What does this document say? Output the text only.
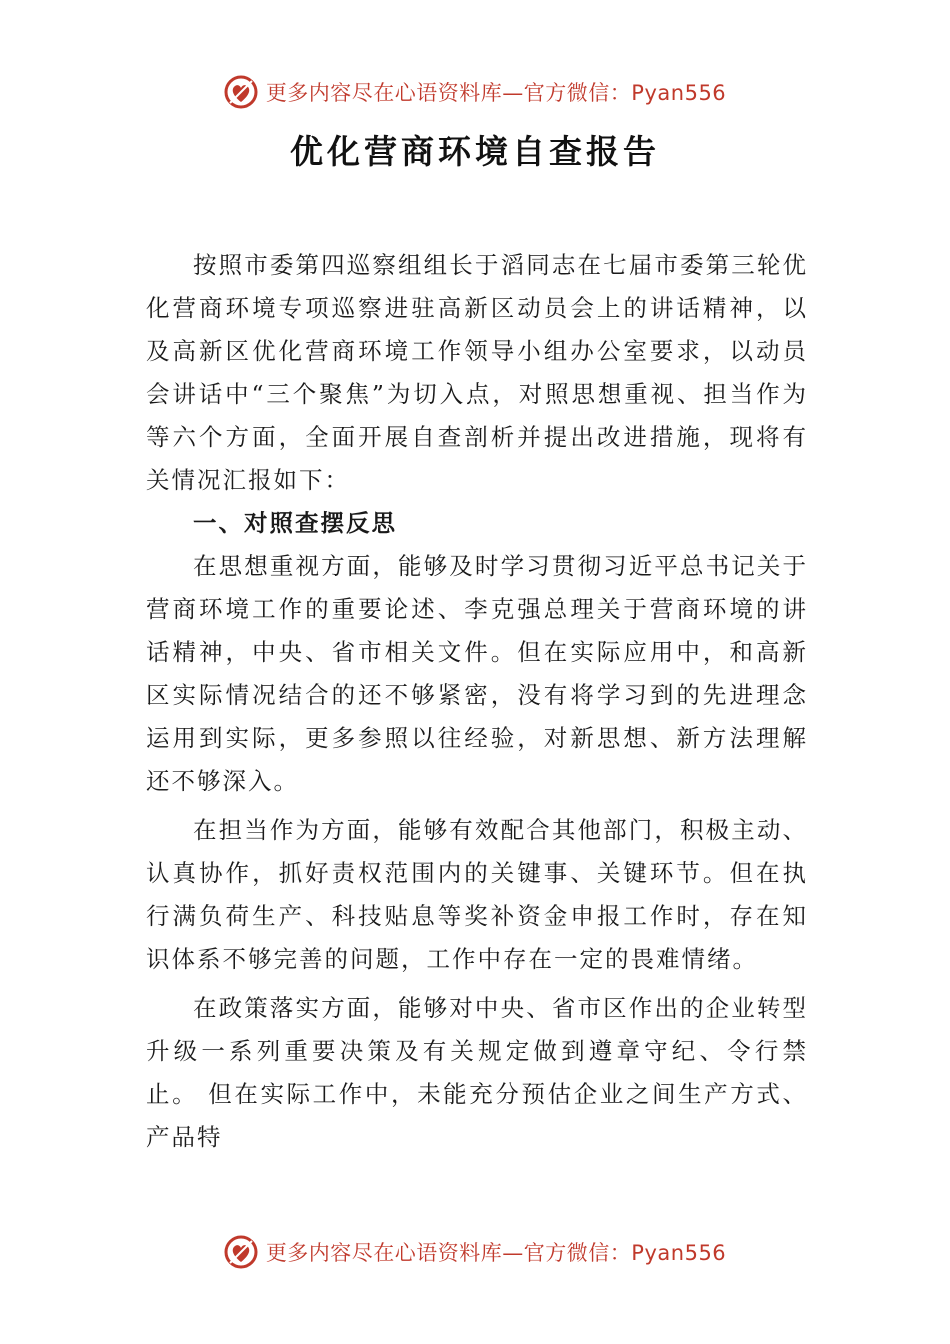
更多内容尽在心语资料库—官方微信：Pyan556
优化营商环境自查报告

按照市委第四巡察组组长于滔同志在七届市委第三轮优化营商环境专项巡察进驻高新区动员会上的讲话精神，以及高新区优化营商环境工作领导小组办公室要求，以动员会讲话中“三个聚焦”为切入点，对照思想重视、担当作为等六个方面，全面开展自查剖析并提出改进措施，现将有关情况汇报如下：

一、对照查摆反思

在思想重视方面，能够及时学习贯彻习近平总书记关于营商环境工作的重要论述、李克强总理关于营商环境的讲话精神，中央、省市相关文件。但在实际应用中，和高新区实际情况结合的还不够紧密，没有将学习到的先进理念运用到实际，更多参照以往经验，对新思想、新方法理解还不够深入。

在担当作为方面，能够有效配合其他部门，积极主动、认真协作，抓好责权范围内的关键事、关键环节。但在执行满负荷生产、科技贴息等奖补资金申报工作时，存在知识体系不够完善的问题，工作中存在一定的畏难情绪。

在政策落实方面，能够对中央、省市区作出的企业转型升级一系列重要决策及有关规定做到遵章守纪、令行禁止。 但在实际工作中，未能充分预估企业之间生产方式、产品特

更多内容尽在心语资料库—官方微信：Pyan556
